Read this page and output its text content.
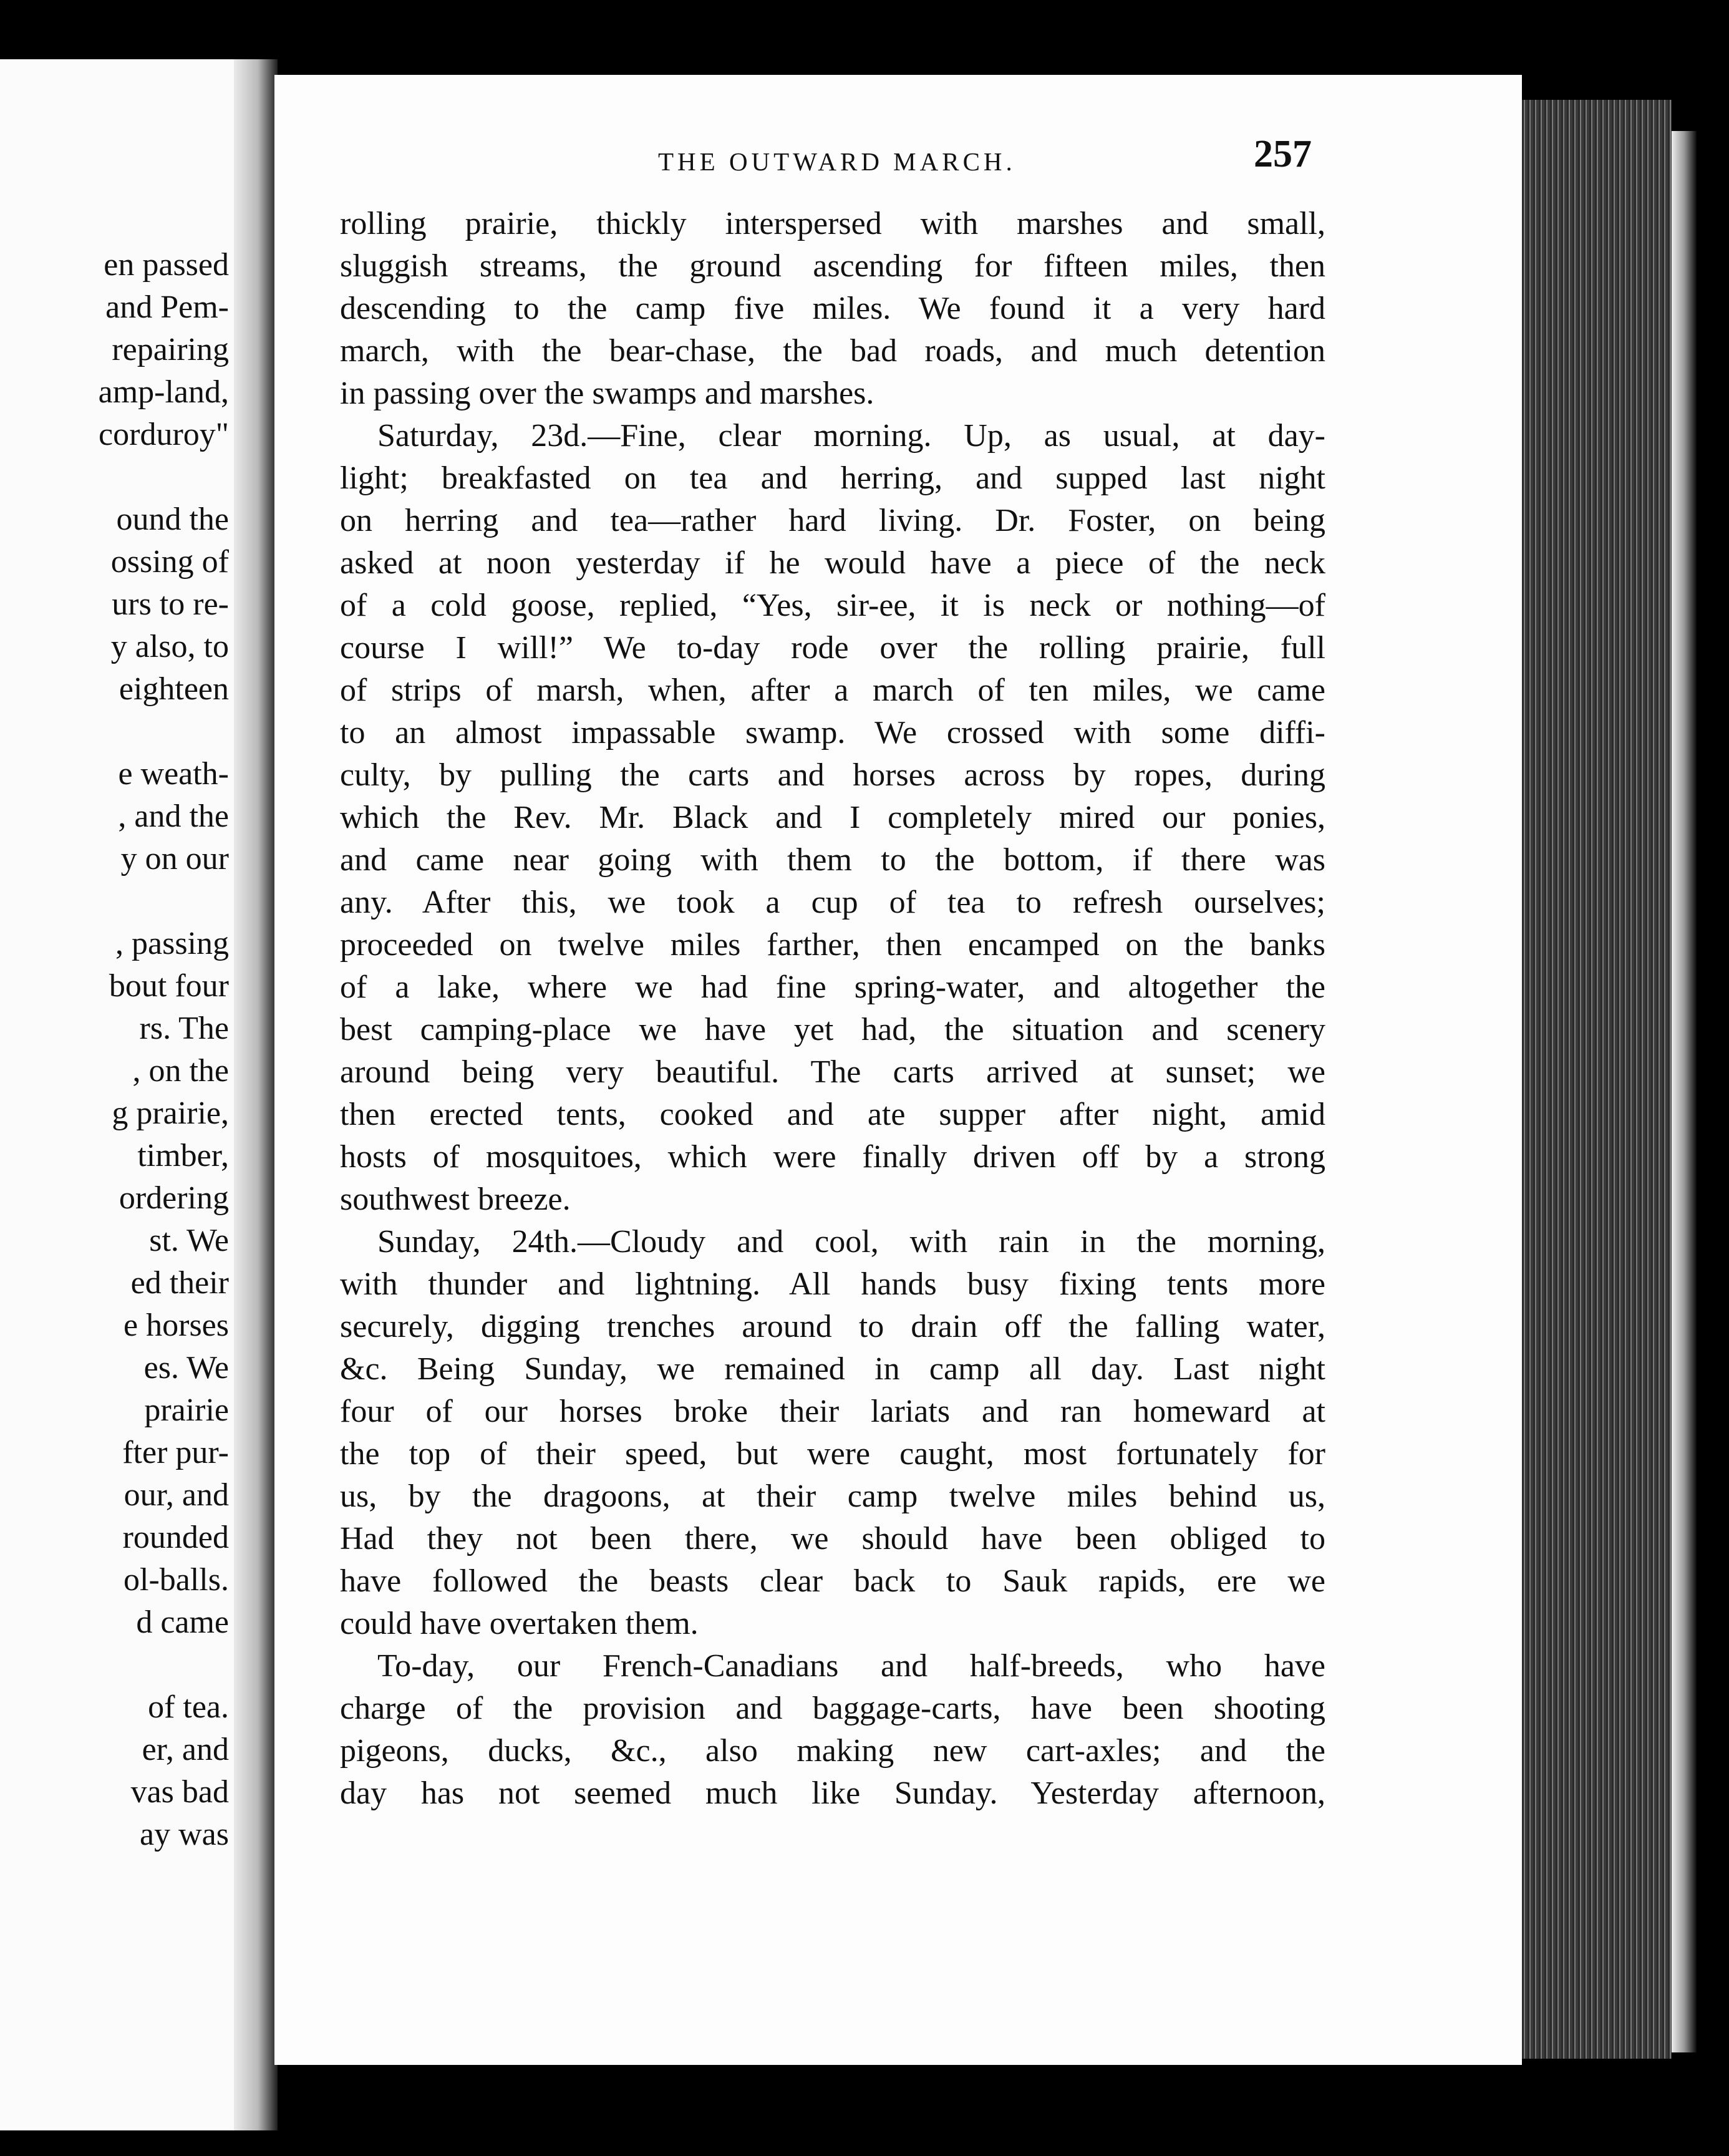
en passed
and Pem-
repairing
amp-land,
corduroy"
ound the
ossing of
urs to re-
y also, to
eighteen
e weath-
, and the
y on our
, passing
bout four
rs. The
, on the
g prairie,
timber,
ordering
st. We
ed their
e horses
es. We
prairie
fter pur-
our, and
rounded
ol-balls.
d came
of tea.
er, and
vas bad
ay was
THE OUTWARD MARCH.	257
rolling prairie, thickly interspersed with marshes and small,
sluggish streams, the ground ascending for fifteen miles, then
descending to the camp five miles. We found it a very hard
march, with the bear-chase, the bad roads, and much detention
in passing over the swamps and marshes.
Saturday, 23d.—Fine, clear morning. Up, as usual, at day-
light; breakfasted on tea and herring, and supped last night
on herring and tea—rather hard living. Dr. Foster, on being
asked at noon yesterday if he would have a piece of the neck
of a cold goose, replied, “Yes, sir-ee, it is neck or nothing—of
course I will!” We to-day rode over the rolling prairie, full
of strips of marsh, when, after a march of ten miles, we came
to an almost impassable swamp. We crossed with some diffi-
culty, by pulling the carts and horses across by ropes, during
which the Rev. Mr. Black and I completely mired our ponies,
and came near going with them to the bottom, if there was
any. After this, we took a cup of tea to refresh ourselves;
proceeded on twelve miles farther, then encamped on the banks
of a lake, where we had fine spring-water, and altogether the
best camping-place we have yet had, the situation and scenery
around being very beautiful. The carts arrived at sunset; we
then erected tents, cooked and ate supper after night, amid
hosts of mosquitoes, which were finally driven off by a strong
southwest breeze.
Sunday, 24th.—Cloudy and cool, with rain in the morning,
with thunder and lightning. All hands busy fixing tents more
securely, digging trenches around to drain off the falling water,
&c. Being Sunday, we remained in camp all day. Last night
four of our horses broke their lariats and ran homeward at
the top of their speed, but were caught, most fortunately for
us, by the dragoons, at their camp twelve miles behind us,
Had they not been there, we should have been obliged to
have followed the beasts clear back to Sauk rapids, ere we
could have overtaken them.
To-day, our French-Canadians and half-breeds, who have
charge of the provision and baggage-carts, have been shooting
pigeons, ducks, &c., also making new cart-axles; and the
day has not seemed much like Sunday. Yesterday afternoon,
